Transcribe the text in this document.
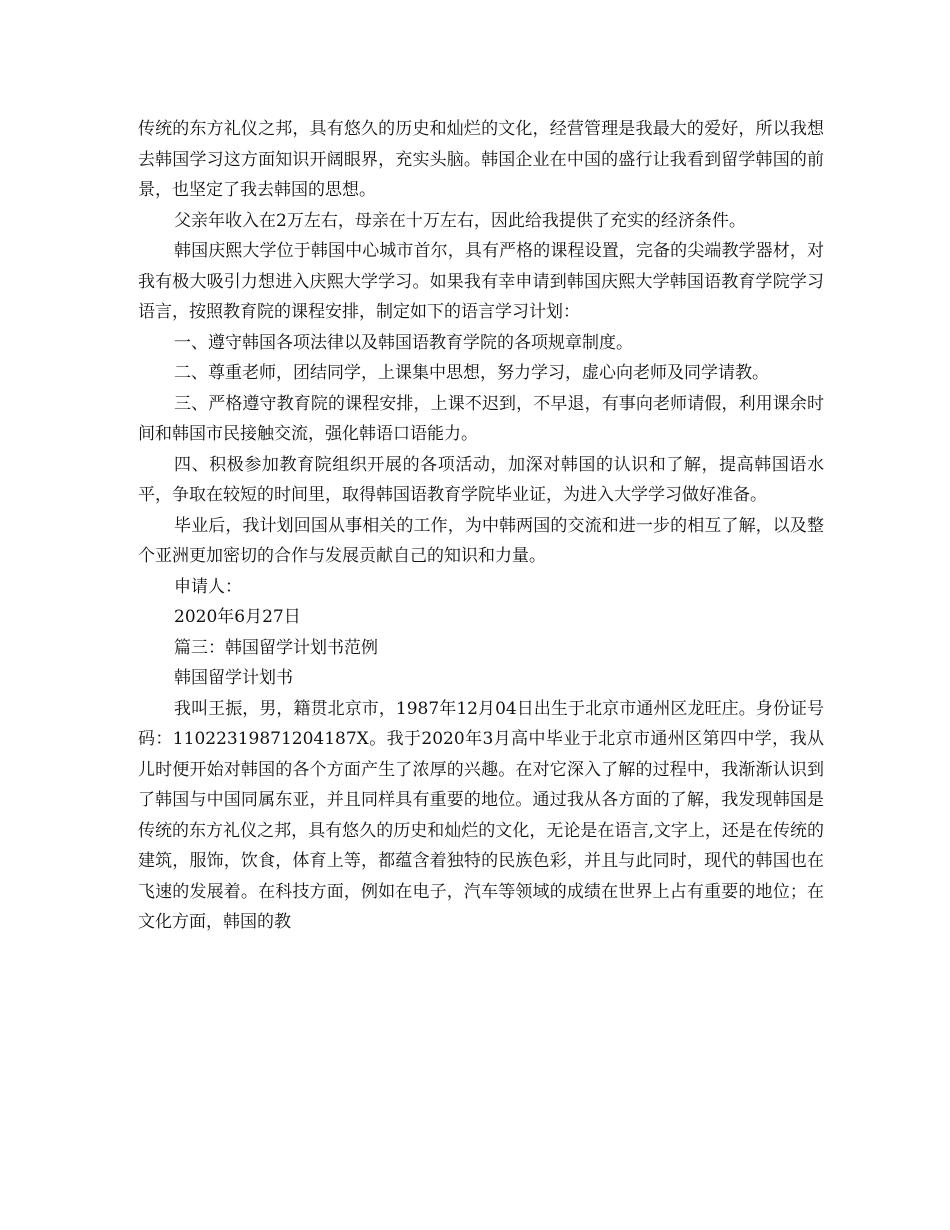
传统的东方礼仪之邦，具有悠久的历史和灿烂的文化，经营管理是我最大的爱好，所以我想去韩国学习这方面知识开阔眼界，充实头脑。韩国企业在中国的盛行让我看到留学韩国的前景，也坚定了我去韩国的思想。

父亲年收入在2万左右，母亲在十万左右，因此给我提供了充实的经济条件。

韩国庆熙大学位于韩国中心城市首尔，具有严格的课程设置，完备的尖端教学器材，对我有极大吸引力想进入庆熙大学学习。如果我有幸申请到韩国庆熙大学韩国语教育学院学习语言，按照教育院的课程安排，制定如下的语言学习计划：

一、遵守韩国各项法律以及韩国语教育学院的各项规章制度。

二、尊重老师，团结同学，上课集中思想，努力学习，虚心向老师及同学请教。

三、严格遵守教育院的课程安排，上课不迟到，不早退，有事向老师请假，利用课余时间和韩国市民接触交流，强化韩语口语能力。

四、积极参加教育院组织开展的各项活动，加深对韩国的认识和了解，提高韩国语水平，争取在较短的时间里，取得韩国语教育学院毕业证，为进入大学学习做好准备。

毕业后，我计划回国从事相关的工作，为中韩两国的交流和进一步的相互了解，以及整个亚洲更加密切的合作与发展贡献自己的知识和力量。

申请人：

2020年6月27日

篇三：韩国留学计划书范例

韩国留学计划书

我叫王振，男，籍贯北京市，1987年12月04日出生于北京市通州区龙旺庄。身份证号码：11022319871204187X。我于2020年3月高中毕业于北京市通州区第四中学，我从儿时便开始对韩国的各个方面产生了浓厚的兴趣。在对它深入了解的过程中，我渐渐认识到了韩国与中国同属东亚，并且同样具有重要的地位。通过我从各方面的了解，我发现韩国是传统的东方礼仪之邦，具有悠久的历史和灿烂的文化，无论是在语言,文字上，还是在传统的建筑，服饰，饮食，体育上等，都蕴含着独特的民族色彩，并且与此同时，现代的韩国也在飞速的发展着。在科技方面，例如在电子，汽车等领域的成绩在世界上占有重要的地位；在文化方面，韩国的教
